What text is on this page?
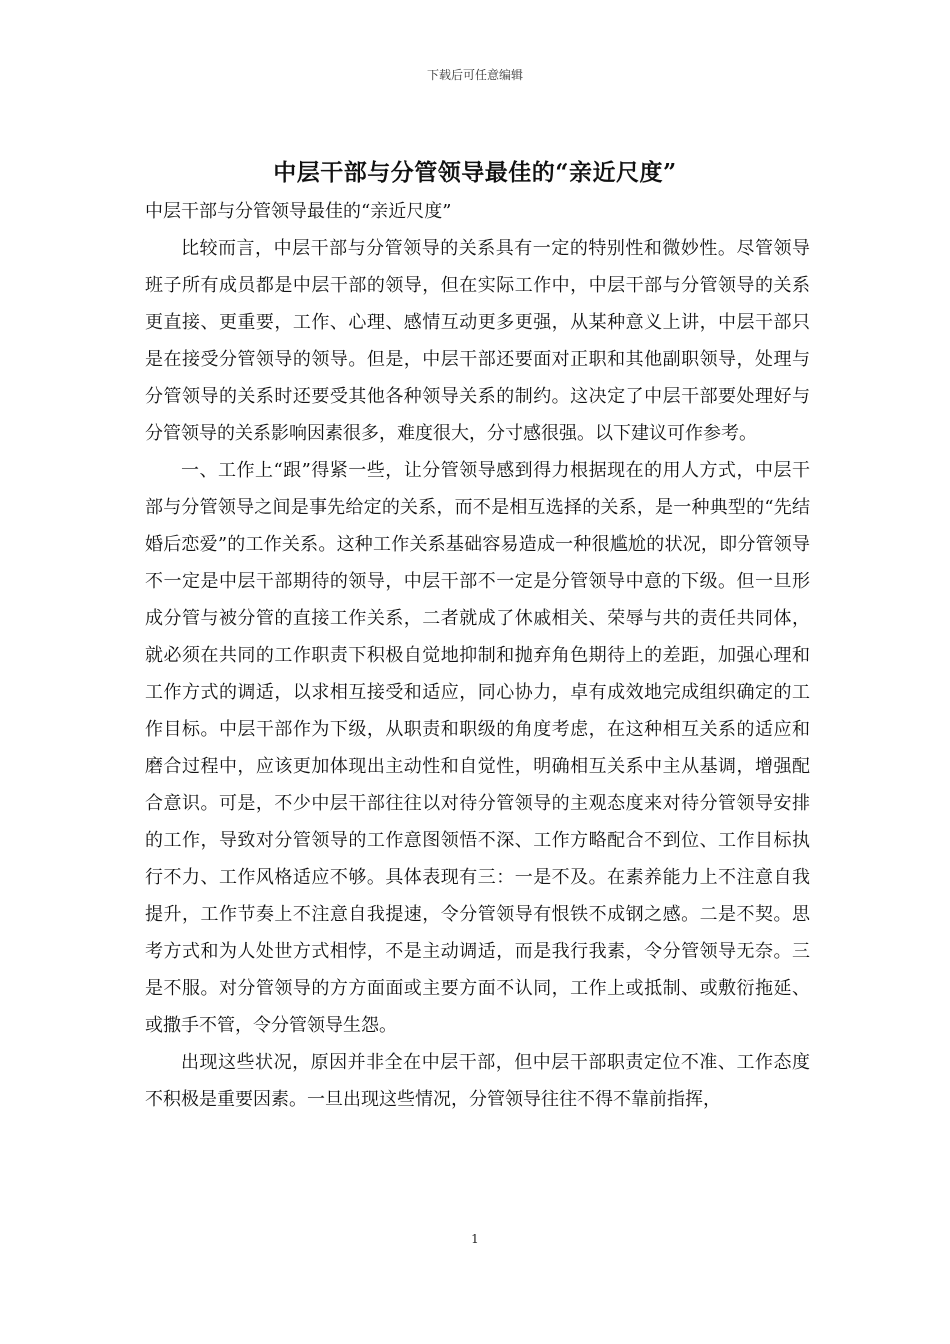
下载后可任意编辑
中层干部与分管领导最佳的“亲近尺度”

中层干部与分管领导最佳的“亲近尺度”

比较而言，中层干部与分管领导的关系具有一定的特别性和微妙性。尽管领导班子所有成员都是中层干部的领导，但在实际工作中，中层干部与分管领导的关系更直接、更重要，工作、心理、感情互动更多更强，从某种意义上讲，中层干部只是在接受分管领导的领导。但是，中层干部还要面对正职和其他副职领导，处理与分管领导的关系时还要受其他各种领导关系的制约。这决定了中层干部要处理好与分管领导的关系影响因素很多，难度很大，分寸感很强。以下建议可作参考。

一、工作上“跟”得紧一些，让分管领导感到得力根据现在的用人方式，中层干部与分管领导之间是事先给定的关系，而不是相互选择的关系，是一种典型的“先结婚后恋爱”的工作关系。这种工作关系基础容易造成一种很尴尬的状况，即分管领导不一定是中层干部期待的领导，中层干部不一定是分管领导中意的下级。但一旦形成分管与被分管的直接工作关系，二者就成了休戚相关、荣辱与共的责任共同体，就必须在共同的工作职责下积极自觉地抑制和抛弃角色期待上的差距，加强心理和工作方式的调适，以求相互接受和适应，同心协力，卓有成效地完成组织确定的工作目标。中层干部作为下级，从职责和职级的角度考虑，在这种相互关系的适应和磨合过程中，应该更加体现出主动性和自觉性，明确相互关系中主从基调，增强配合意识。可是，不少中层干部往往以对待分管领导的主观态度来对待分管领导安排的工作，导致对分管领导的工作意图领悟不深、工作方略配合不到位、工作目标执行不力、工作风格适应不够。具体表现有三：一是不及。在素养能力上不注意自我提升，工作节奏上不注意自我提速，令分管领导有恨铁不成钢之感。二是不契。思考方式和为人处世方式相悖，不是主动调适，而是我行我素，令分管领导无奈。三是不服。对分管领导的方方面面或主要方面不认同，工作上或抵制、或敷衍拖延、或撒手不管，令分管领导生怨。

出现这些状况，原因并非全在中层干部，但中层干部职责定位不准、工作态度不积极是重要因素。一旦出现这些情况，分管领导往往不得不靠前指挥，

1
